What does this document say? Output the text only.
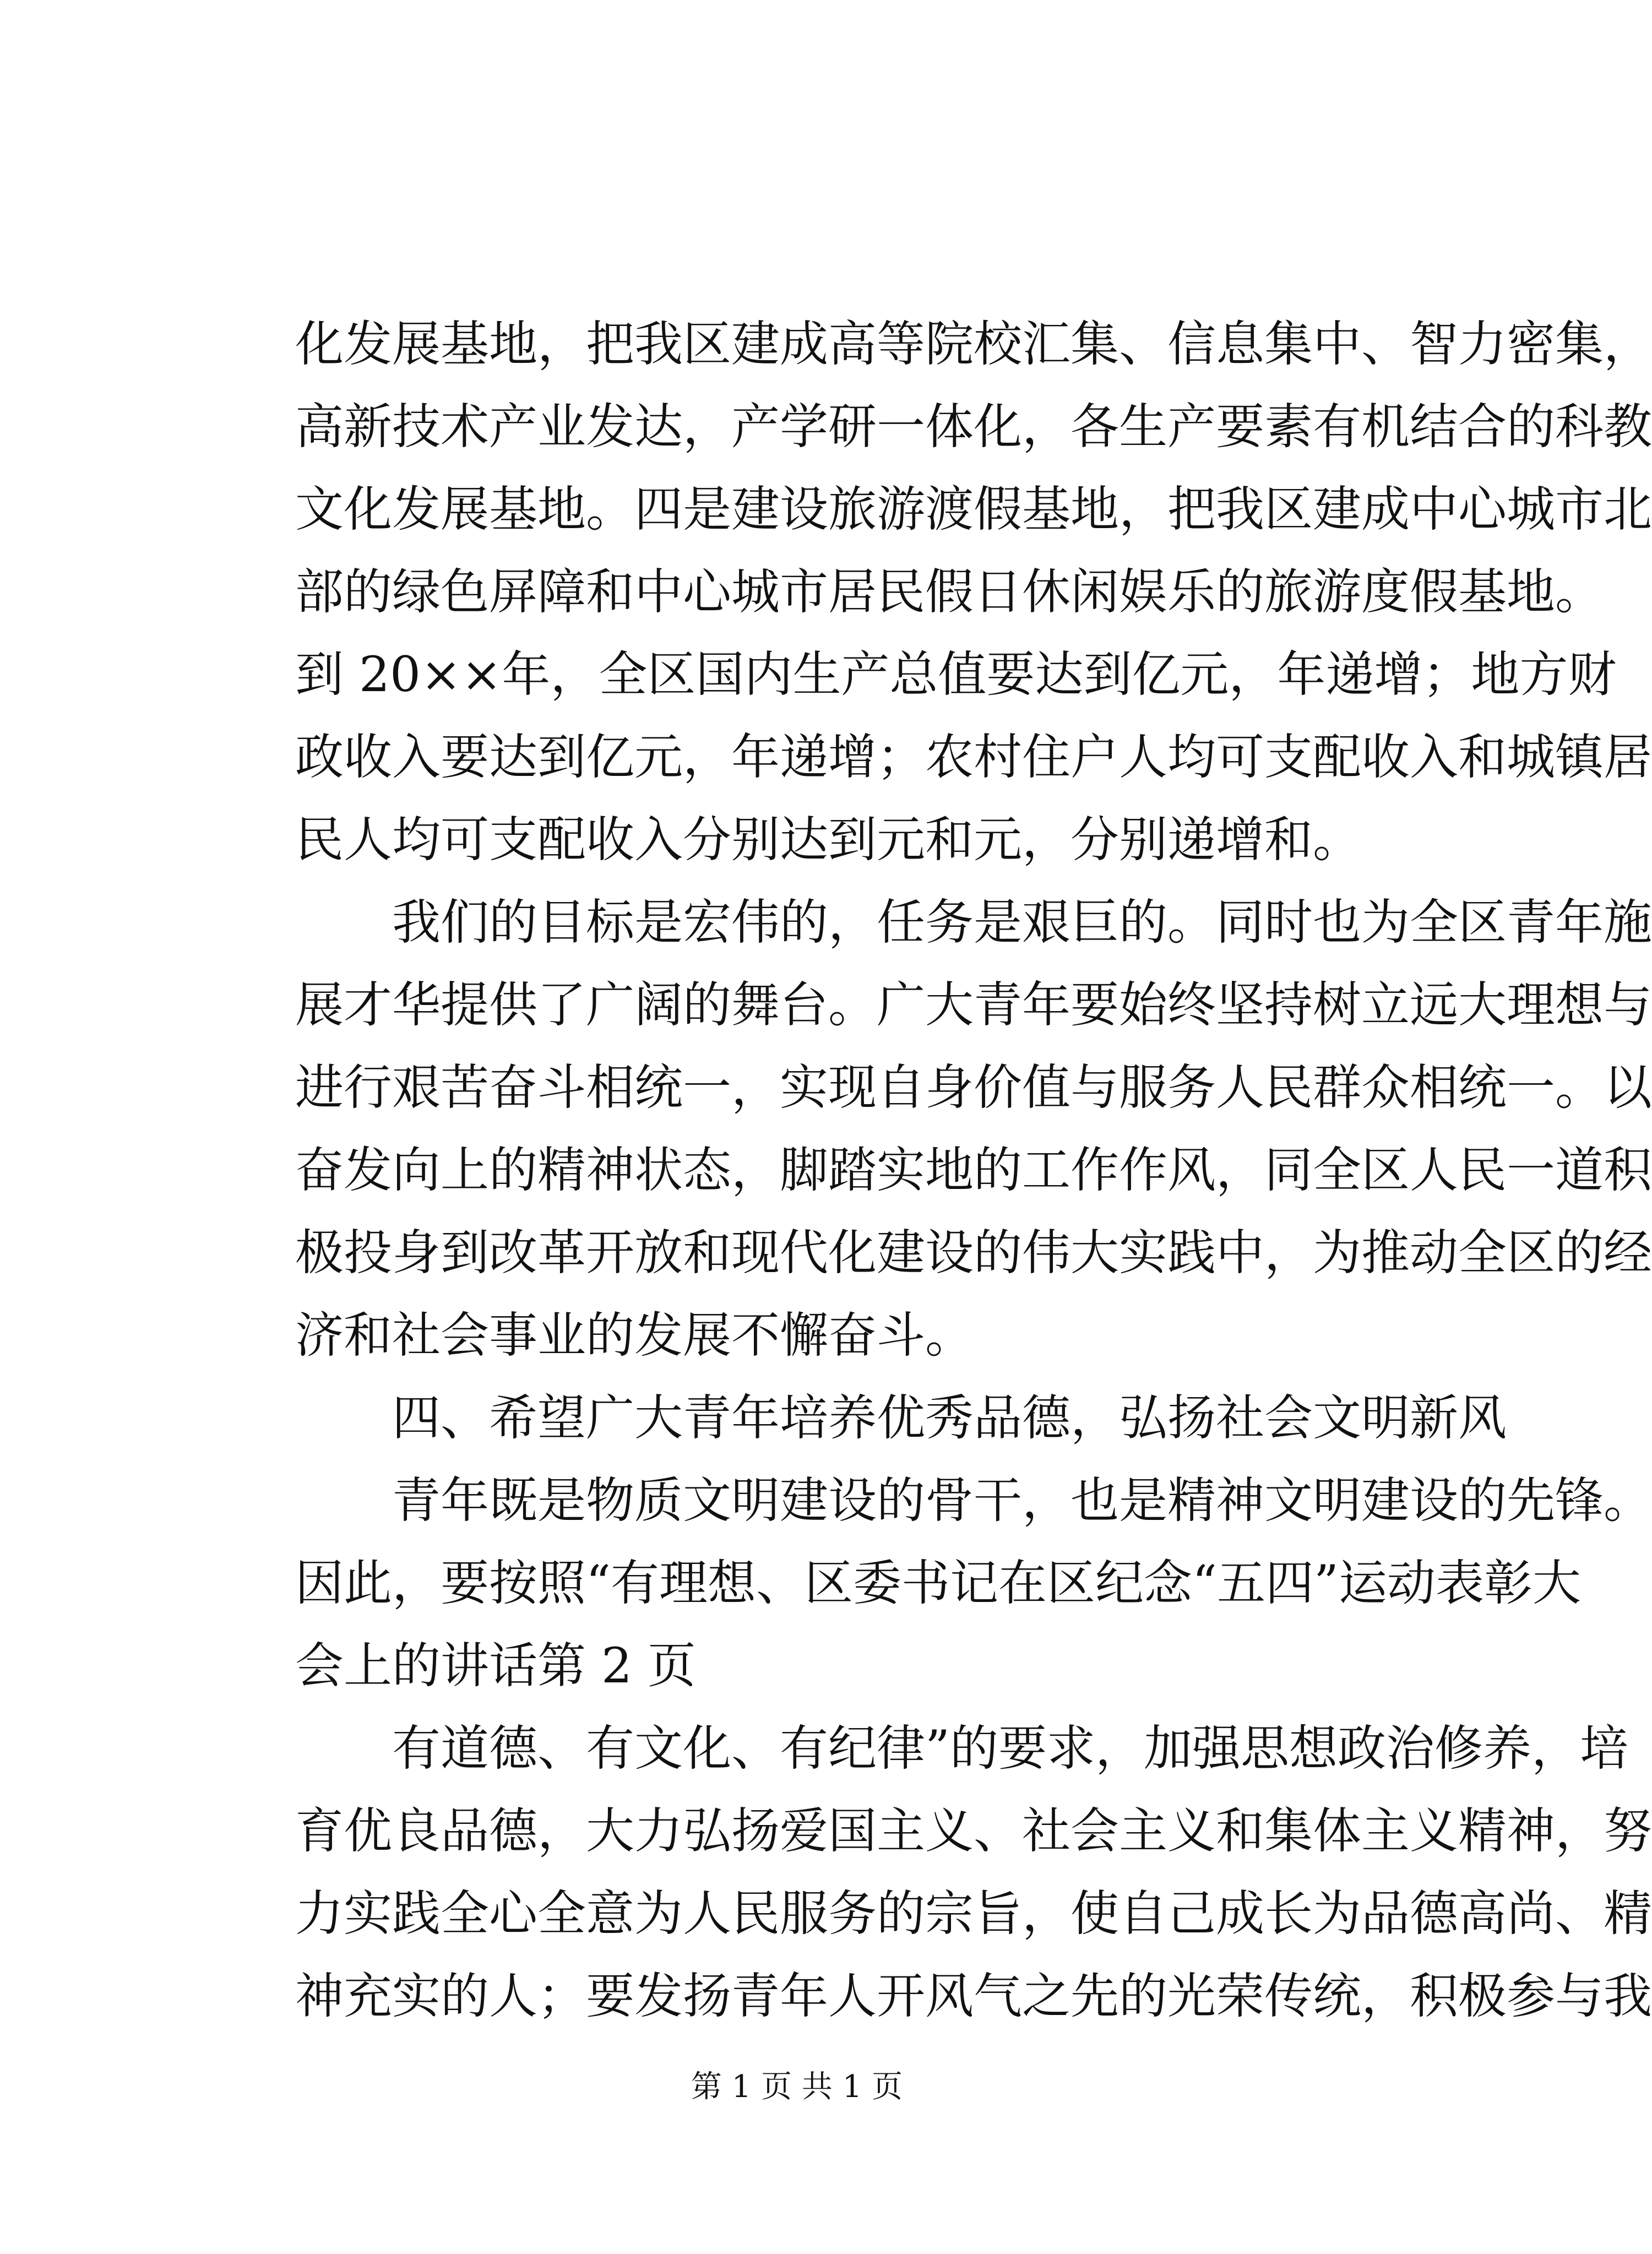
化发展基地，把我区建成高等院校汇集、信息集中、智力密集，
高新技术产业发达，产学研一体化，各生产要素有机结合的科教
文化发展基地。四是建设旅游渡假基地，把我区建成中心城市北
部的绿色屏障和中心城市居民假日休闲娱乐的旅游度假基地。
到 20××年，全区国内生产总值要达到亿元，年递增；地方财
政收入要达到亿元，年递增；农村住户人均可支配收入和城镇居
民人均可支配收入分别达到元和元，分别递增和。
我们的目标是宏伟的，任务是艰巨的。同时也为全区青年施
展才华提供了广阔的舞台。广大青年要始终坚持树立远大理想与
进行艰苦奋斗相统一，实现自身价值与服务人民群众相统一。以
奋发向上的精神状态，脚踏实地的工作作风，同全区人民一道积
极投身到改革开放和现代化建设的伟大实践中，为推动全区的经
济和社会事业的发展不懈奋斗。
四、希望广大青年培养优秀品德，弘扬社会文明新风
青年既是物质文明建设的骨干，也是精神文明建设的先锋。
因此，要按照“有理想、区委书记在区纪念“五四”运动表彰大
会上的讲话第 2 页
有道德、有文化、有纪律”的要求，加强思想政治修养，培
育优良品德，大力弘扬爱国主义、社会主义和集体主义精神，努
力实践全心全意为人民服务的宗旨，使自己成长为品德高尚、精
神充实的人；要发扬青年人开风气之先的光荣传统，积极参与我
第 1 页 共 1 页
